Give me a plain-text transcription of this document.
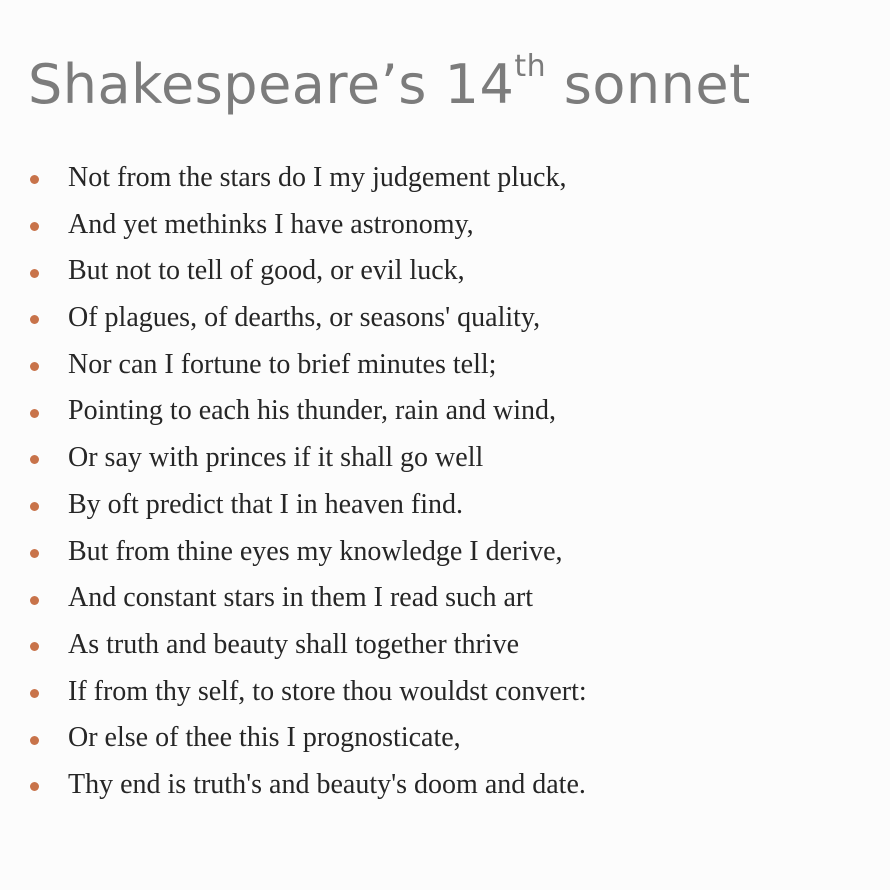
Shakespeare’s 14th sonnet
Not from the stars do I my judgement pluck,
And yet methinks I have astronomy,
But not to tell of good, or evil luck,
Of plagues, of dearths, or seasons' quality,
Nor can I fortune to brief minutes tell;
Pointing to each his thunder, rain and wind,
Or say with princes if it shall go well
By oft predict that I in heaven find.
But from thine eyes my knowledge I derive,
And constant stars in them I read such art
As truth and beauty shall together thrive
If from thy self, to store thou wouldst convert:
Or else of thee this I prognosticate,
Thy end is truth's and beauty's doom and date.
